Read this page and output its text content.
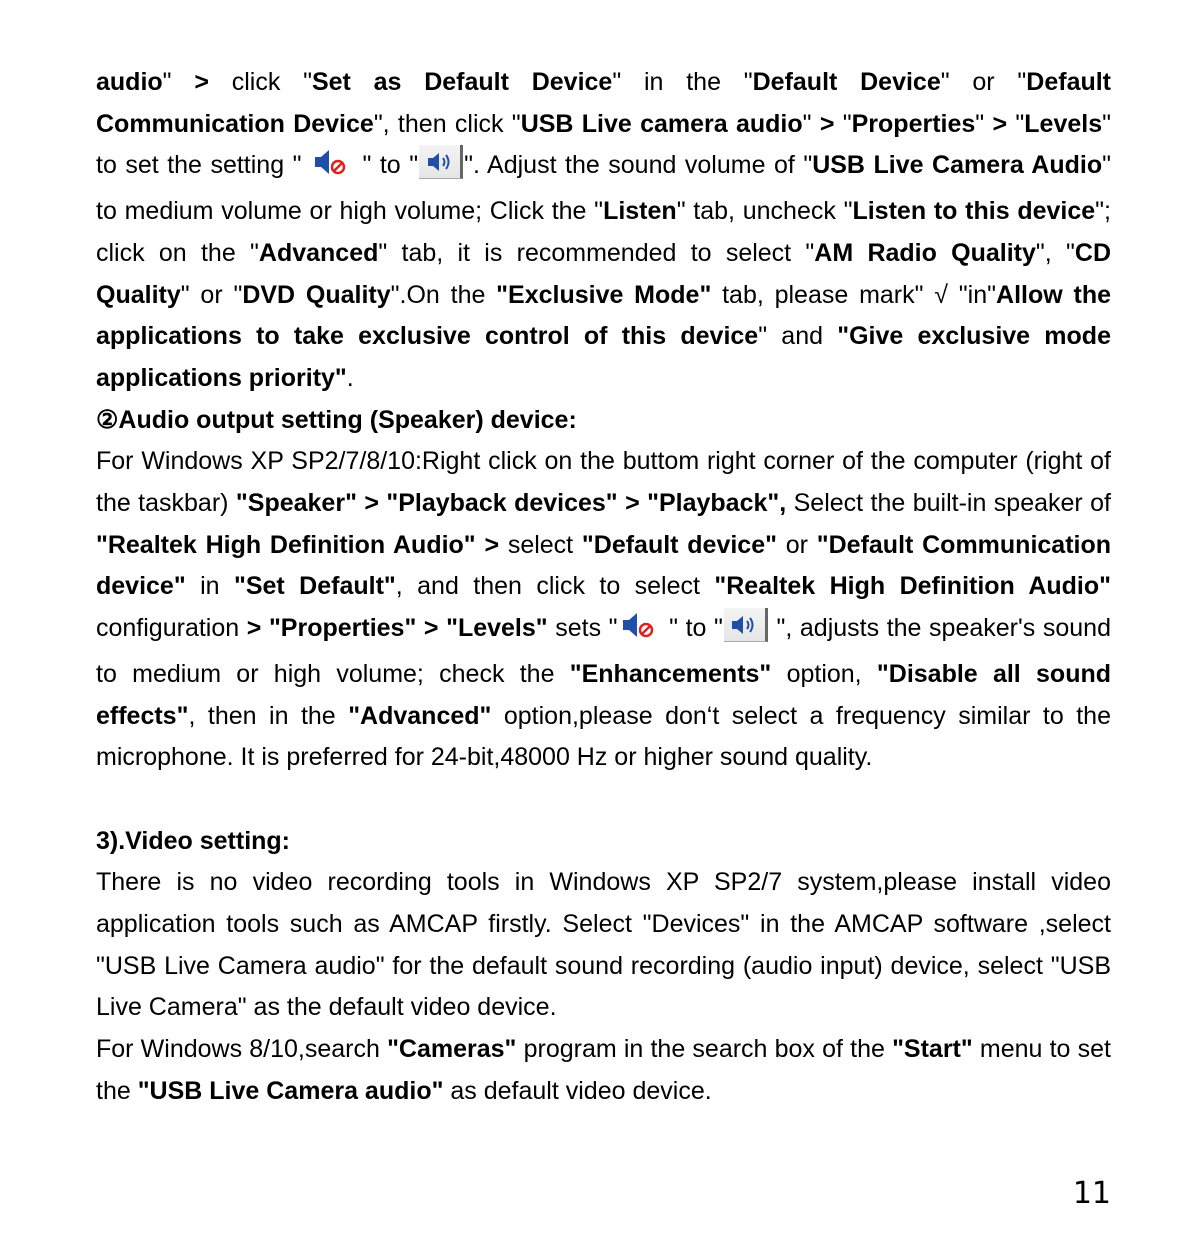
audio" > click "Set as Default Device" in the "Default Device" or "Default Communication Device", then click "USB Live camera audio" > "Properties" > "Levels" to set the setting "  " to " ". Adjust the sound volume of "USB Live Camera Audio" to medium volume or high volume; Click the "Listen" tab, uncheck "Listen to this device"; click on the "Advanced" tab, it is recommended to select "AM Radio Quality", "CD Quality" or "DVD Quality".On the "Exclusive Mode" tab, please mark" √ "in"Allow the applications to take exclusive control of this device" and "Give exclusive mode applications priority".

②Audio output setting (Speaker) device:

For Windows XP SP2/7/8/10:Right click on the buttom right corner of the computer (right of the taskbar) "Speaker" > "Playback devices" > "Playback", Select the built-in speaker of "Realtek High Definition Audio" > select "Default device" or "Default Communication device" in "Set Default", and then click to select "Realtek High Definition Audio" configuration > "Properties" > "Levels" sets " " to "
", adjusts the speaker's sound to medium or high volume; check the "Enhancements" option, "Disable all sound effects", then in the "Advanced" option,please don‘t select a frequency similar to the microphone. It is preferred for 24-bit,48000 Hz or higher sound quality.

3).Video setting:

There is no video recording tools in Windows XP SP2/7 system,please install video application tools such as AMCAP firstly. Select "Devices" in the AMCAP software ,select "USB Live Camera audio" for the default sound recording (audio input) device, select "USB Live Camera" as the default video device.

For Windows 8/10,search "Cameras" program in the search box of the "Start" menu to set the "USB Live Camera audio" as default video device.

11
